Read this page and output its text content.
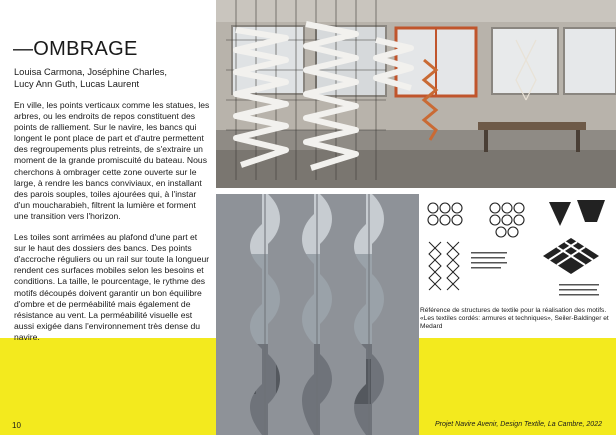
—OMBRAGE
Louisa Carmona, Joséphine Charles,
Lucy Ann Guth, Lucas Laurent

En ville, les points verticaux comme les statues, les arbres, ou les endroits de repos constituent des points de ralliement. Sur le navire, les bancs qui longent le pont place de part et d'autre permettent des regroupements plus retreints, de s'extraire un moment de la grande promiscuité du bateau. Nous cherchons à ombrager cette zone ouverte sur le large, à rendre les bancs conviviaux, en installant des parois souples, toiles ajourées qui, à l'instar d'un moucharabieh, filtrent la lumière et forment une transition vers l'horizon.

Les toiles sont arrimées au plafond d'une part et sur le haut des dossiers des bancs. Des points d'accroche réguliers ou un rail sur toute la longueur rendent ces surfaces mobiles selon les besoins et conditions. La taille, le pourcentage, le rythme des motifs découpés doivent garantir un bon équilibre d'ombre et de perméabilité mais également de résistance au vent. La perméabilité visuelle est aussi exigée dans l'environnement très dense du navire.

Référence de structures de textile pour la réalisation des motifs. «Les textiles cordés: armures et techniques», Seiler-Baldinger et Medard

10	Projet Navire Avenir, Design Textile, La Cambre, 2022
